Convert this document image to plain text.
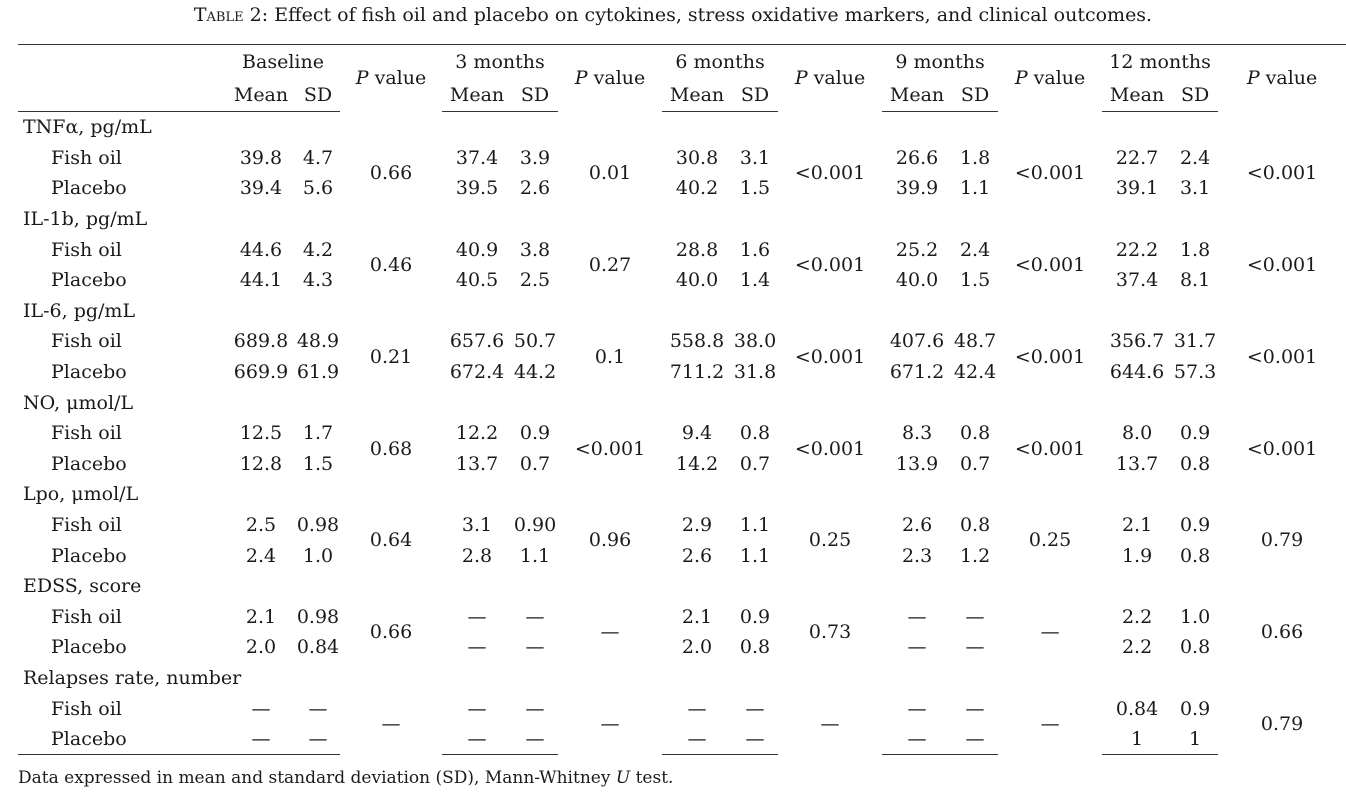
Table 2: Effect of fish oil and placebo on cytokines, stress oxidative markers, and clinical outcomes.
	Baseline		P value	3 months		P value	6 months		P value	9 months		P value	12 months		P value
	Mean	SD		Mean	SD		Mean	SD		Mean	SD		Mean	SD	
TNFα, pg/mL															
Fish oil	39.8	4.7	0.66	37.4	3.9	0.01	30.8	3.1	<0.001	26.6	1.8	<0.001	22.7	2.4	<0.001
Placebo	39.4	5.6		39.5	2.6		40.2	1.5		39.9	1.1		39.1	3.1	
IL-1b, pg/mL															
Fish oil	44.6	4.2	0.46	40.9	3.8	0.27	28.8	1.6	<0.001	25.2	2.4	<0.001	22.2	1.8	<0.001
Placebo	44.1	4.3		40.5	2.5		40.0	1.4		40.0	1.5		37.4	8.1	
IL-6, pg/mL															
Fish oil	689.8	48.9	0.21	657.6	50.7	0.1	558.8	38.0	<0.001	407.6	48.7	<0.001	356.7	31.7	<0.001
Placebo	669.9	61.9		672.4	44.2		711.2	31.8		671.2	42.4		644.6	57.3	
NO, μmol/L															
Fish oil	12.5	1.7	0.68	12.2	0.9	<0.001	9.4	0.8	<0.001	8.3	0.8	<0.001	8.0	0.9	<0.001
Placebo	12.8	1.5		13.7	0.7		14.2	0.7		13.9	0.7		13.7	0.8	
Lpo, μmol/L															
Fish oil	2.5	0.98	0.64	3.1	0.90	0.96	2.9	1.1	0.25	2.6	0.8	0.25	2.1	0.9	0.79
Placebo	2.4	1.0		2.8	1.1		2.6	1.1		2.3	1.2		1.9	0.8	
EDSS, score															
Fish oil	2.1	0.98	0.66	—	—	—	2.1	0.9	0.73	—	—	—	2.2	1.0	0.66
Placebo	2.0	0.84		—	—		2.0	0.8		—	—		2.2	0.8	
Relapses rate, number															
Fish oil	—	—	—	—	—	—	—	—	—	—	—	—	0.84	0.9	0.79
Placebo	—	—		—	—		—	—		—	—		1	1	
Data expressed in mean and standard deviation (SD), Mann-Whitney U test.
